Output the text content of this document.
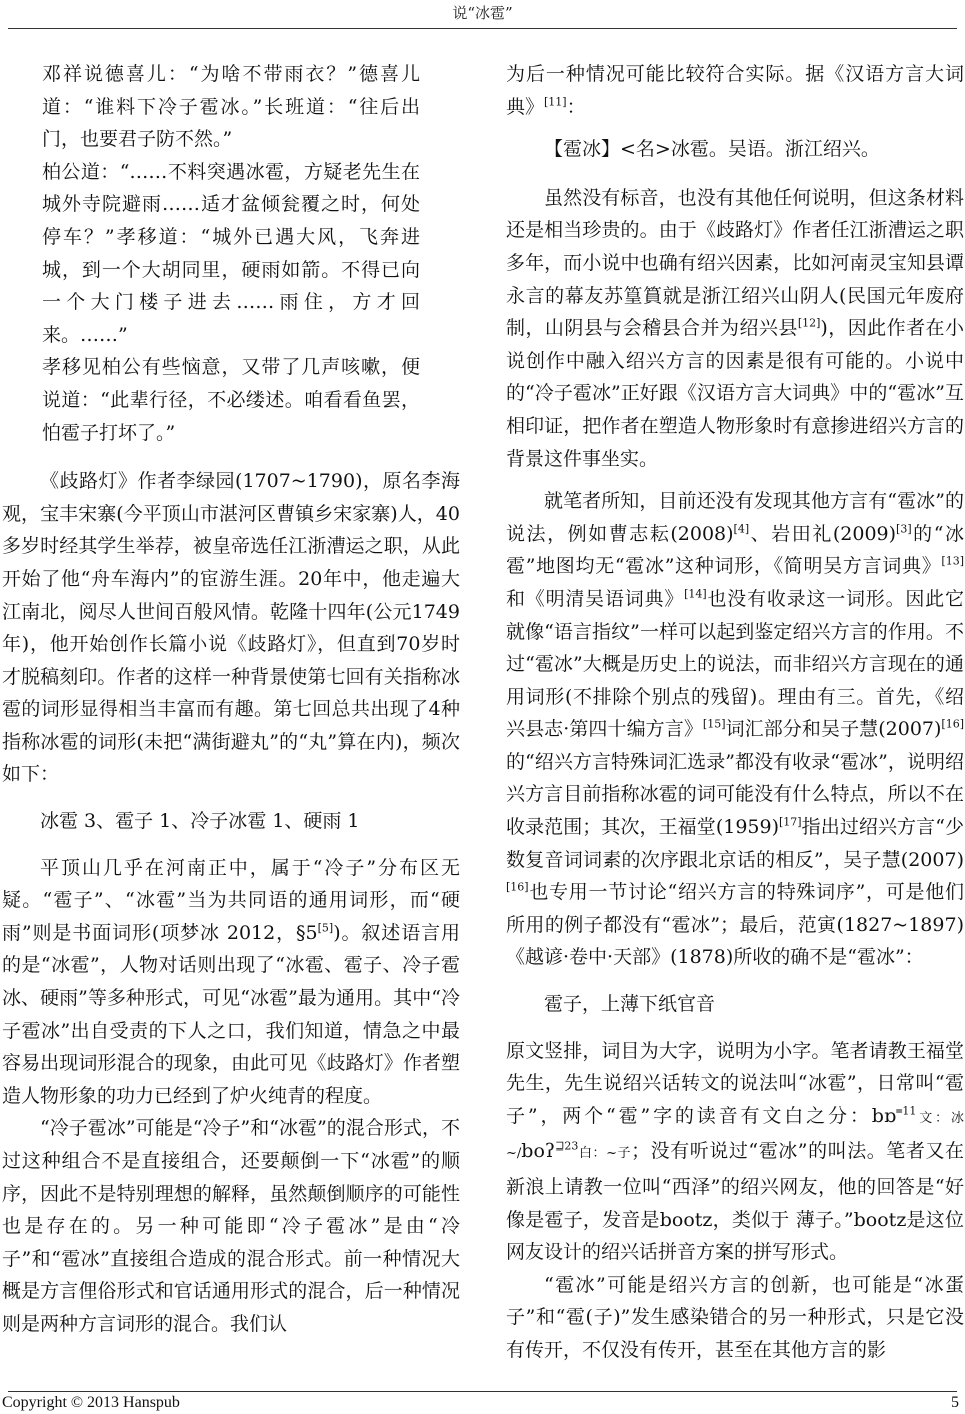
说“冰雹”

邓祥说德喜儿：“为啥不带雨衣？”德喜儿道：“谁料下冷子雹冰。”长班道：“往后出门，也要君子防不然。”

柏公道：“……不料突遇冰雹，方疑老先生在城外寺院避雨……适才盆倾瓮覆之时，何处停车？”孝移道：“城外已遇大风，飞奔进城，到一个大胡同里，硬雨如箭。不得已向一个大门楼子进去……雨住，方才回来。……”

孝移见柏公有些恼意，又带了几声咳嗽，便说道：“此辈行径，不必缕述。咱看看鱼罢，怕雹子打坏了。”

《歧路灯》作者李绿园(1707~1790)，原名李海观，宝丰宋寨(今平顶山市湛河区曹镇乡宋家寨)人，40多岁时经其学生举荐，被皇帝选任江浙漕运之职，从此开始了他“舟车海内”的宦游生涯。20年中，他走遍大江南北，阅尽人世间百般风情。乾隆十四年(公元1749年)，他开始创作长篇小说《歧路灯》，但直到70岁时才脱稿刻印。作者的这样一种背景使第七回有关指称冰雹的词形显得相当丰富而有趣。第七回总共出现了4种指称冰雹的词形(未把“满街避丸”的“丸”算在内)，频次如下：

冰雹 3、雹子 1、冷子冰雹 1、硬雨 1

平顶山几乎在河南正中，属于“冷子”分布区无疑。“雹子”、“冰雹”当为共同语的通用词形，而“硬雨”则是书面词形(项梦冰 2012，§5[5])。叙述语言用的是“冰雹”，人物对话则出现了“冰雹、雹子、冷子雹冰、硬雨”等多种形式，可见“冰雹”最为通用。其中“冷子雹冰”出自受责的下人之口，我们知道，情急之中最容易出现词形混合的现象，由此可见《歧路灯》作者塑造人物形象的功力已经到了炉火纯青的程度。

“冷子雹冰”可能是“冷子”和“冰雹”的混合形式，不过这种组合不是直接组合，还要颠倒一下“冰雹”的顺序，因此不是特别理想的解释，虽然颠倒顺序的可能性也是存在的。另一种可能即“冷子雹冰”是由“冷子”和“雹冰”直接组合造成的混合形式。前一种情况大概是方言俚俗形式和官话通用形式的混合，后一种情况则是两种方言词形的混合。我们认

为后一种情况可能比较符合实际。据《汉语方言大词典》[11]：

【雹冰】<名>冰雹。吴语。浙江绍兴。

虽然没有标音，也没有其他任何说明，但这条材料还是相当珍贵的。由于《歧路灯》作者任江浙漕运之职多年，而小说中也确有绍兴因素，比如河南灵宝知县谭永言的幕友苏篁篔就是浙江绍兴山阴人(民国元年废府制，山阴县与会稽县合并为绍兴县[12])，因此作者在小说创作中融入绍兴方言的因素是很有可能的。小说中的“冷子雹冰”正好跟《汉语方言大词典》中的“雹冰”互相印证，把作者在塑造人物形象时有意掺进绍兴方言的背景这件事坐实。

就笔者所知，目前还没有发现其他方言有“雹冰”的说法，例如曹志耘(2008)[4]、岩田礼(2009)[3]的“冰雹”地图均无“雹冰”这种词形，《简明吴方言词典》[13]和《明清吴语词典》[14]也没有收录这一词形。因此它就像“语言指纹”一样可以起到鉴定绍兴方言的作用。不过“雹冰”大概是历史上的说法，而非绍兴方言现在的通用词形(不排除个别点的残留)。理由有三。首先，《绍兴县志·第四十编方言》[15]词汇部分和吴子慧(2007)[16]的“绍兴方言特殊词汇选录”都没有收录“雹冰”，说明绍兴方言目前指称冰雹的词可能没有什么特点，所以不在收录范围；其次，王福堂(1959)[17]指出过绍兴方言“少数复音词词素的次序跟北京话的相反”，吴子慧(2007)[16]也专用一节讨论“绍兴方言的特殊词序”，可是他们所用的例子都没有“雹冰”；最后，范寅(1827~1897)《越谚·卷中·天部》(1878)所收的确不是“雹冰”：

雹子，上薄下纸官音

原文竖排，词目为大字，说明为小字。笔者请教王福堂先生，先生说绍兴话转文的说法叫“冰雹”，日常叫“雹子”，两个“雹”字的读音有文白之分：bɒ˭$^{11}$文：冰~/boʔ$^{⊒23}$白：~子；没有听说过“雹冰”的叫法。笔者又在新浪上请教一位叫“西泽”的绍兴网友，他的回答是“好像是雹子，发音是bootz，类似于 薄子。”bootz是这位网友设计的绍兴话拼音方案的拼写形式。

“雹冰”可能是绍兴方言的创新，也可能是“冰蛋子”和“雹(子)”发生感染错合的另一种形式，只是它没有传开，不仅没有传开，甚至在其他方言的影

Copyright © 2013 Hanspub	5
